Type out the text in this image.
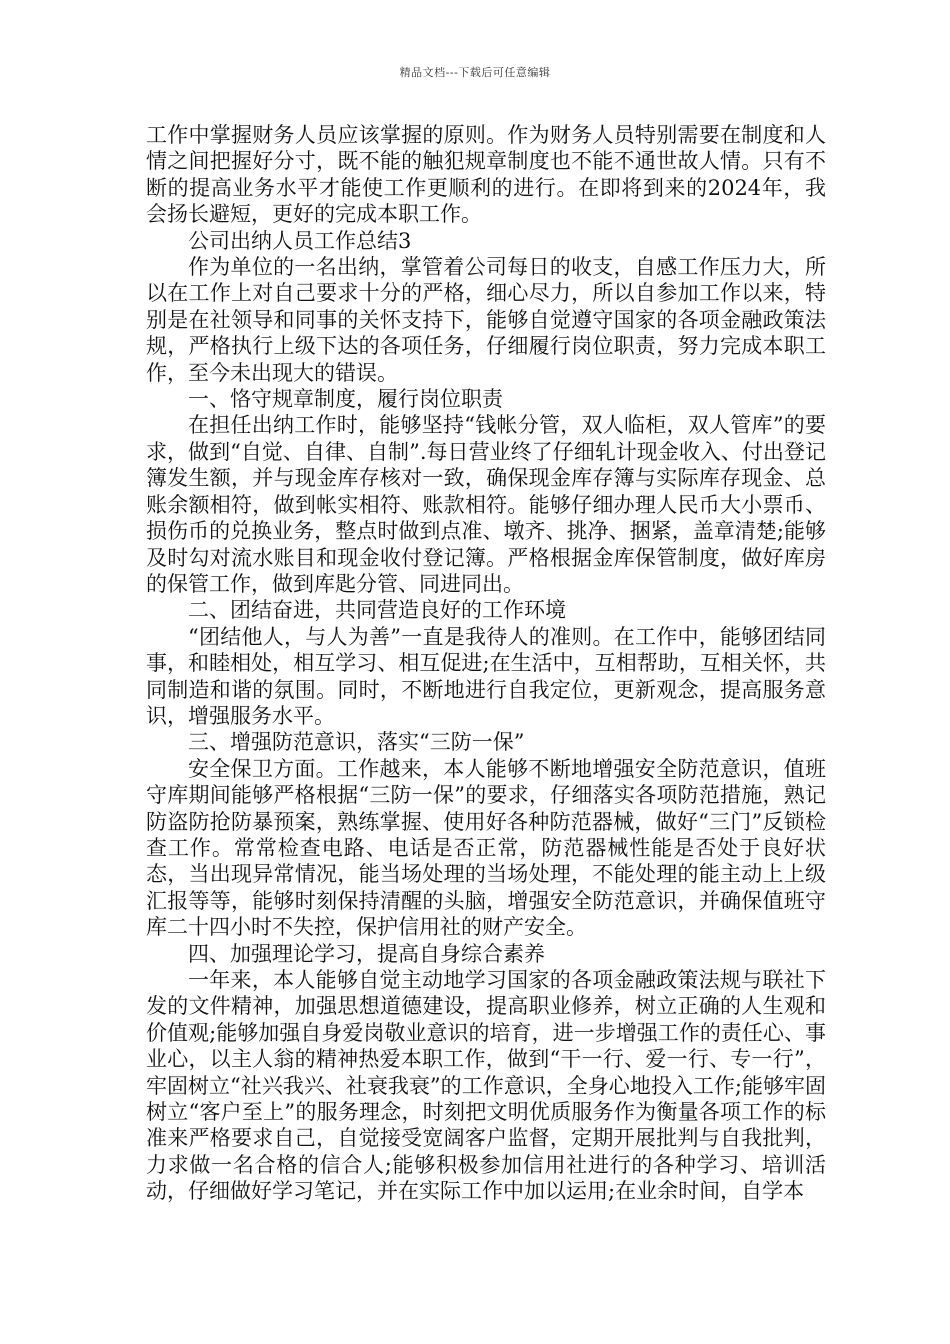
精品文档---下载后可任意编辑

工作中掌握财务人员应该掌握的原则。作为财务人员特别需要在制度和人情之间把握好分寸，既不能的触犯规章制度也不能不通世故人情。只有不断的提高业务水平才能使工作更顺利的进行。在即将到来的2024年，我会扬长避短，更好的完成本职工作。

公司出纳人员工作总结3

作为单位的一名出纳，掌管着公司每日的收支，自感工作压力大，所以在工作上对自己要求十分的严格，细心尽力，所以自参加工作以来，特别是在社领导和同事的关怀支持下，能够自觉遵守国家的各项金融政策法规，严格执行上级下达的各项任务，仔细履行岗位职责，努力完成本职工作，至今未出现大的错误。

一、恪守规章制度，履行岗位职责

在担任出纳工作时，能够坚持“钱帐分管，双人临柜，双人管库”的要求，做到“自觉、自律、自制”.每日营业终了仔细轧计现金收入、付出登记簿发生额，并与现金库存核对一致，确保现金库存簿与实际库存现金、总账余额相符，做到帐实相符、账款相符。能够仔细办理人民币大小票币、损伤币的兑换业务，整点时做到点准、墩齐、挑净、捆紧，盖章清楚;能够及时勾对流水账目和现金收付登记簿。严格根据金库保管制度，做好库房的保管工作，做到库匙分管、同进同出。

二、团结奋进，共同营造良好的工作环境

“团结他人，与人为善”一直是我待人的准则。在工作中，能够团结同事，和睦相处，相互学习、相互促进;在生活中，互相帮助，互相关怀，共同制造和谐的氛围。同时，不断地进行自我定位，更新观念，提高服务意识，增强服务水平。

三、增强防范意识，落实“三防一保”

安全保卫方面。工作越来，本人能够不断地增强安全防范意识，值班守库期间能够严格根据“三防一保”的要求，仔细落实各项防范措施，熟记防盗防抢防暴预案，熟练掌握、使用好各种防范器械，做好“三门”反锁检查工作。常常检查电路、电话是否正常，防范器械性能是否处于良好状态，当出现异常情况，能当场处理的当场处理，不能处理的能主动上上级汇报等等，能够时刻保持清醒的头脑，增强安全防范意识，并确保值班守库二十四小时不失控，保护信用社的财产安全。

四、加强理论学习，提高自身综合素养

一年来，本人能够自觉主动地学习国家的各项金融政策法规与联社下发的文件精神，加强思想道德建设，提高职业修养，树立正确的人生观和价值观;能够加强自身爱岗敬业意识的培育，进一步增强工作的责任心、事业心，以主人翁的精神热爱本职工作，做到“干一行、爱一行、专一行”，牢固树立“社兴我兴、社衰我衰”的工作意识，全身心地投入工作;能够牢固树立“客户至上”的服务理念，时刻把文明优质服务作为衡量各项工作的标准来严格要求自己，自觉接受宽阔客户监督，定期开展批判与自我批判，力求做一名合格的信合人;能够积极参加信用社进行的各种学习、培训活动，仔细做好学习笔记，并在实际工作中加以运用;在业余时间，自学本
